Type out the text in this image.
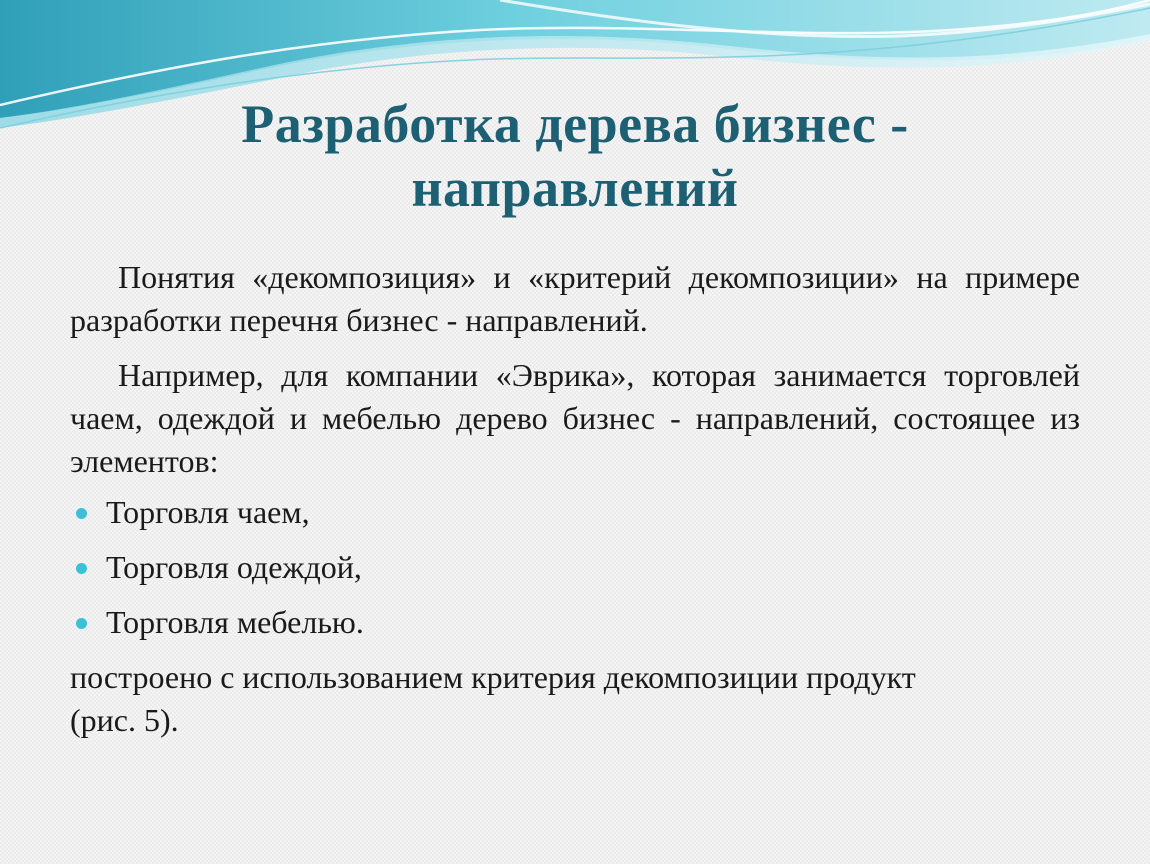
Разработка дерева бизнес -
направлений

Понятия «декомпозиция» и «критерий декомпозиции» на примере разработки перечня бизнес - направлений.

Например, для компании «Эврика», которая занимается торговлей чаем, одеждой и мебелью дерево бизнес - направлений, состоящее из элементов:

Торговля чаем,
Торговля одеждой,
Торговля мебелью.

построено с использованием критерия декомпозиции продукт (рис. 5).
